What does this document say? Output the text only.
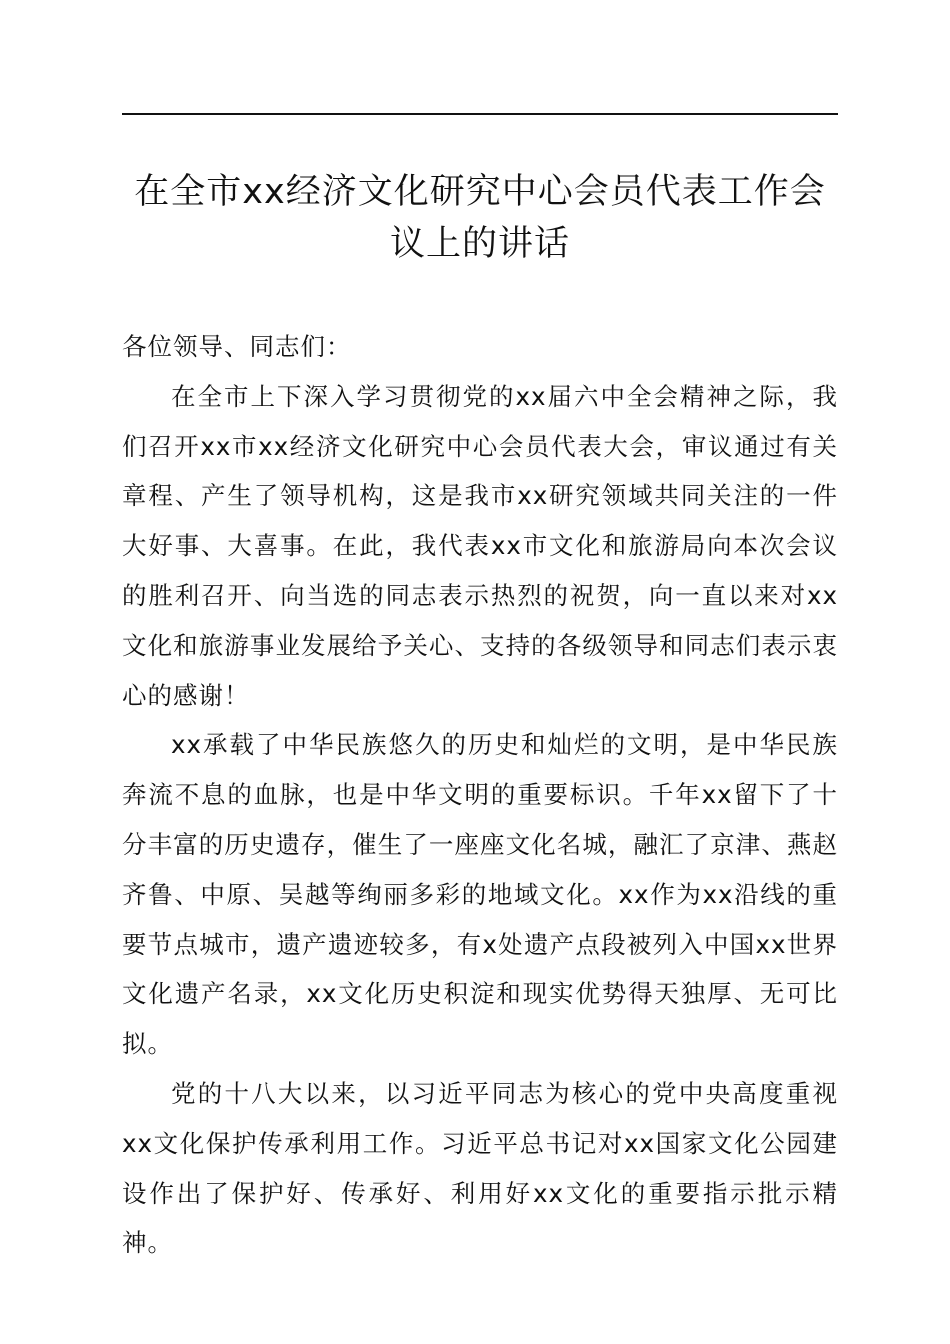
在全市xx经济文化研究中心会员代表工作会议上的讲话

各位领导、同志们：

在全市上下深入学习贯彻党的xx届六中全会精神之际，我们召开xx市xx经济文化研究中心会员代表大会，审议通过有关章程、产生了领导机构，这是我市xx研究领域共同关注的一件大好事、大喜事。在此，我代表xx市文化和旅游局向本次会议的胜利召开、向当选的同志表示热烈的祝贺，向一直以来对xx文化和旅游事业发展给予关心、支持的各级领导和同志们表示衷心的感谢！

xx承载了中华民族悠久的历史和灿烂的文明，是中华民族奔流不息的血脉，也是中华文明的重要标识。千年xx留下了十分丰富的历史遗存，催生了一座座文化名城，融汇了京津、燕赵齐鲁、中原、吴越等绚丽多彩的地域文化。xx作为xx沿线的重要节点城市，遗产遗迹较多，有x处遗产点段被列入中国xx世界文化遗产名录，xx文化历史积淀和现实优势得天独厚、无可比拟。

党的十八大以来，以习近平同志为核心的党中央高度重视xx文化保护传承利用工作。习近平总书记对xx国家文化公园建设作出了保护好、传承好、利用好xx文化的重要指示批示精神。
